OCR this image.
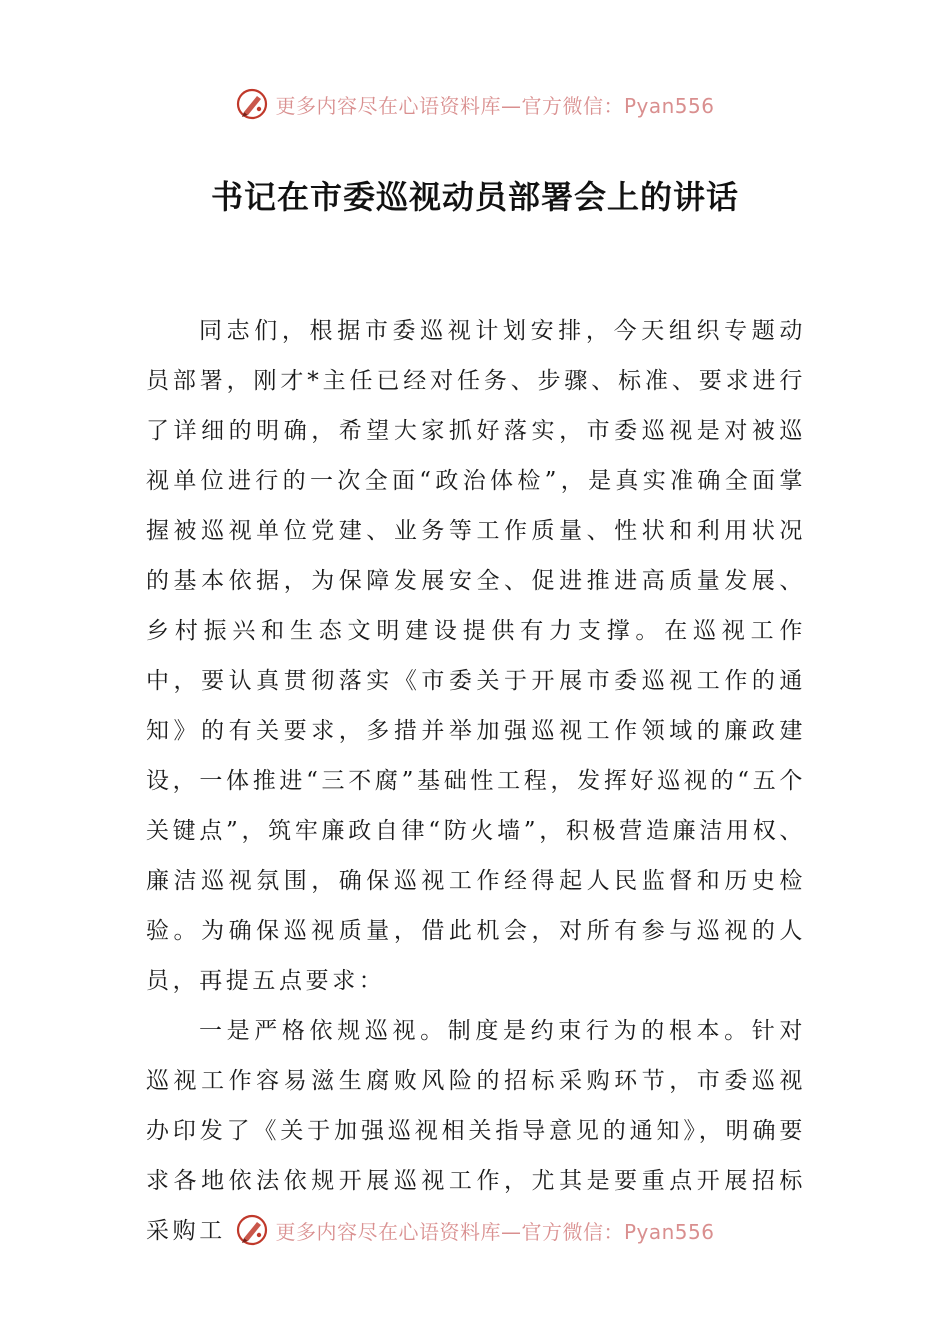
更多内容尽在心语资料库—官方微信：Pyan556
书记在市委巡视动员部署会上的讲话

同志们，根据市委巡视计划安排，今天组织专题动员部署，刚才*主任已经对任务、步骤、标准、要求进行了详细的明确，希望大家抓好落实，市委巡视是对被巡视单位进行的一次全面“政治体检”，是真实准确全面掌握被巡视单位党建、业务等工作质量、性状和利用状况的基本依据，为保障发展安全、促进推进高质量发展、乡村振兴和生态文明建设提供有力支撑。在巡视工作中，要认真贯彻落实《市委关于开展市委巡视工作的通知》的有关要求，多措并举加强巡视工作领域的廉政建设，一体推进“三不腐”基础性工程，发挥好巡视的“五个关键点”，筑牢廉政自律“防火墙”，积极营造廉洁用权、廉洁巡视氛围，确保巡视工作经得起人民监督和历史检验。为确保巡视质量，借此机会，对所有参与巡视的人员，再提五点要求：

一是严格依规巡视。制度是约束行为的根本。针对巡视工作容易滋生腐败风险的招标采购环节，市委巡视办印发了《关于加强巡视相关指导意见的通知》，明确要求各地依法依规开展巡视工作，尤其是要重点开展招标采购工	更多内容尽在心语资料库—官方微信：Pyan556
